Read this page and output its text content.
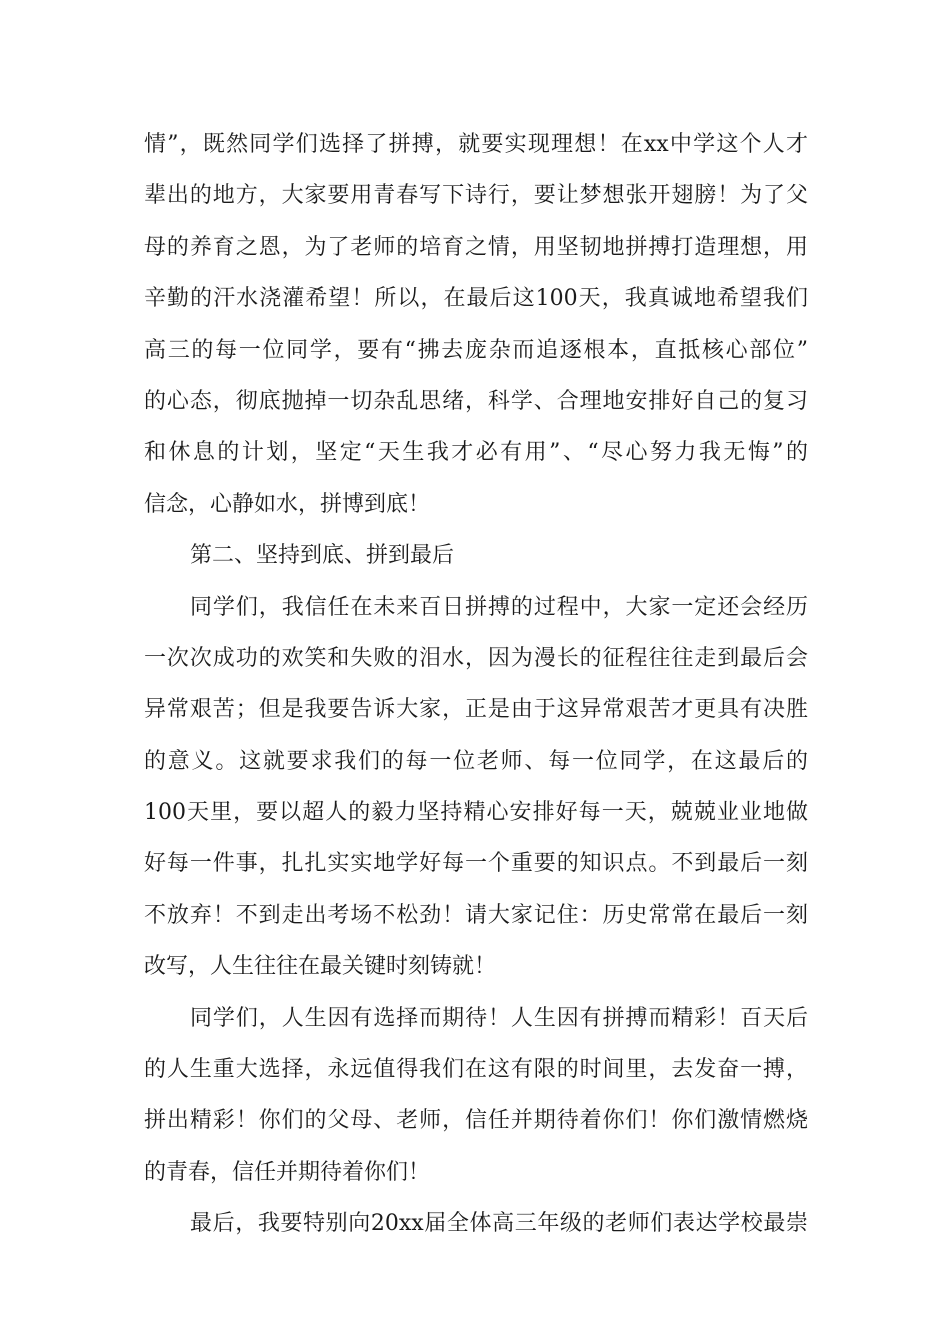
情”，既然同学们选择了拼搏，就要实现理想！在xx中学这个人才
辈出的地方，大家要用青春写下诗行，要让梦想张开翅膀！为了父
母的养育之恩，为了老师的培育之情，用坚韧地拼搏打造理想，用
辛勤的汗水浇灌希望！所以，在最后这100天，我真诚地希望我们
高三的每一位同学，要有“拂去庞杂而追逐根本，直抵核心部位”
的心态，彻底抛掉一切杂乱思绪，科学、合理地安排好自己的复习
和休息的计划，坚定“天生我才必有用”、“尽心努力我无悔”的
信念，心静如水，拼博到底！
第二、坚持到底、拼到最后
同学们，我信任在未来百日拼搏的过程中，大家一定还会经历
一次次成功的欢笑和失败的泪水，因为漫长的征程往往走到最后会
异常艰苦；但是我要告诉大家，正是由于这异常艰苦才更具有决胜
的意义。这就要求我们的每一位老师、每一位同学，在这最后的
100天里，要以超人的毅力坚持精心安排好每一天，兢兢业业地做
好每一件事，扎扎实实地学好每一个重要的知识点。不到最后一刻
不放弃！不到走出考场不松劲！请大家记住：历史常常在最后一刻
改写，人生往往在最关键时刻铸就！
同学们，人生因有选择而期待！人生因有拼搏而精彩！百天后
的人生重大选择，永远值得我们在这有限的时间里，去发奋一搏，
拼出精彩！你们的父母、老师，信任并期待着你们！你们激情燃烧
的青春，信任并期待着你们！
最后，我要特别向20xx届全体高三年级的老师们表达学校最崇
